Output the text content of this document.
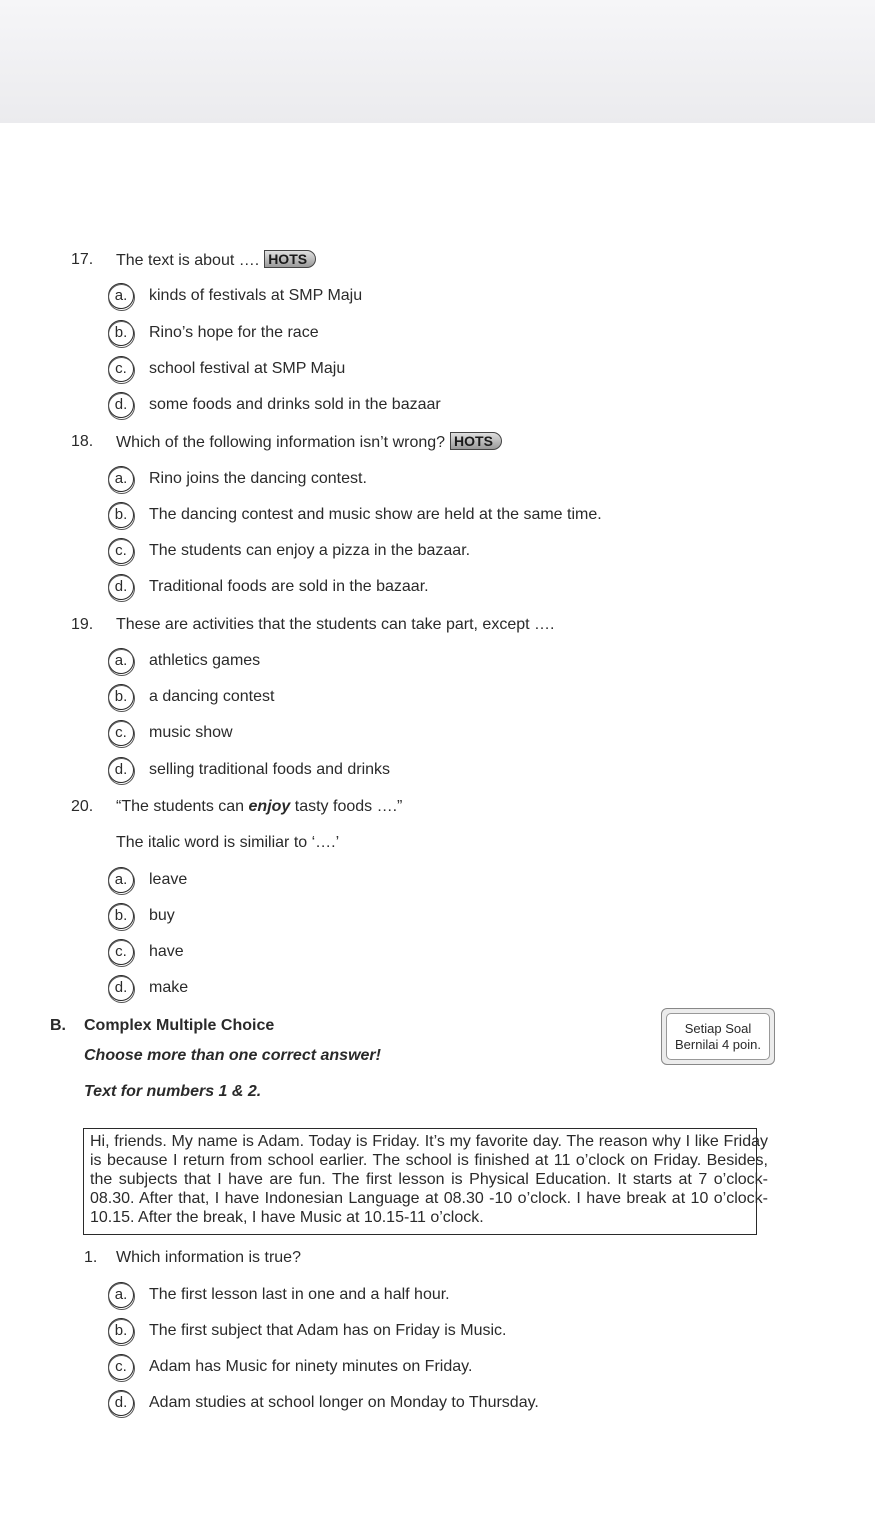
17. The text is about …. HOTS
a.	kinds of festivals at SMP Maju
b.	Rino’s hope for the race
c.	school festival at SMP Maju
d.	some foods and drinks sold in the bazaar
18. Which of the following information isn’t wrong? HOTS
a.	Rino joins the dancing contest.
b.	The dancing contest and music show are held at the same time.
c.	The students can enjoy a pizza in the bazaar.
d.	Traditional foods are sold in the bazaar.
19. These are activities that the students can take part, except ….
a.	athletics games
b.	a dancing contest
c.	music show
d.	selling traditional foods and drinks
20. “The students can enjoy tasty foods ….”
The italic word is similiar to ‘….’
a.	leave
b.	buy
c.	have
d.	make
B. Complex Multiple Choice
Choose more than one correct answer!
Text for numbers 1 & 2.
Setiap Soal
Bernilai 4 poin.
Hi, friends. My name is Adam. Today is Friday. It’s my favorite day. The reason why I like Friday is because I return from school earlier. The school is finished at 11 o’clock on Friday. Besides, the subjects that I have are fun. The first lesson is Physical Education. It starts at 7 o’clock-08.30. After that, I have Indonesian Language at 08.30 -10 o’clock. I have break at 10 o’clock-10.15. After the break, I have Music at 10.15-11 o’clock.
1. Which information is true?
a.	The first lesson last in one and a half hour.
b.	The first subject that Adam has on Friday is Music.
c.	Adam has Music for ninety minutes on Friday.
d.	Adam studies at school longer on Monday to Thursday.
